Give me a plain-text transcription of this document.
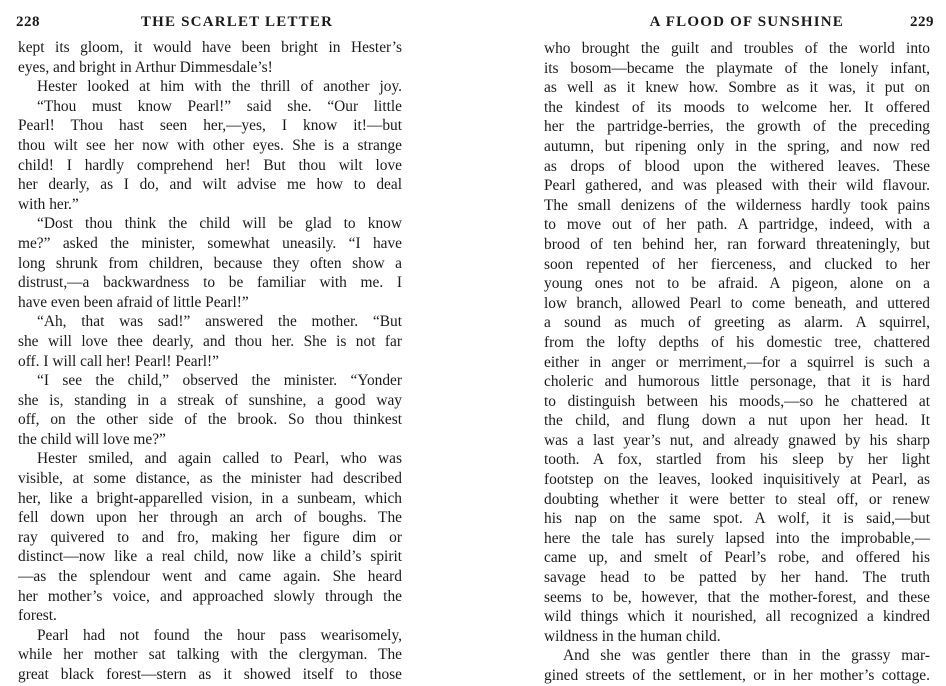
228	THE SCARLET LETTER
kept its gloom, it would have been bright in Hester’s
eyes, and bright in Arthur Dimmesdale’s!
Hester looked at him with the thrill of another joy.
“Thou must know Pearl!” said she. “Our little
Pearl! Thou hast seen her,—yes, I know it!—but
thou wilt see her now with other eyes. She is a strange
child! I hardly comprehend her! But thou wilt love
her dearly, as I do, and wilt advise me how to deal
with her.”
“Dost thou think the child will be glad to know
me?” asked the minister, somewhat uneasily. “I have
long shrunk from children, because they often show a
distrust,—a backwardness to be familiar with me. I
have even been afraid of little Pearl!”
“Ah, that was sad!” answered the mother. “But
she will love thee dearly, and thou her. She is not far
off. I will call her! Pearl! Pearl!”
“I see the child,” observed the minister. “Yonder
she is, standing in a streak of sunshine, a good way
off, on the other side of the brook. So thou thinkest
the child will love me?”
Hester smiled, and again called to Pearl, who was
visible, at some distance, as the minister had described
her, like a bright-apparelled vision, in a sunbeam, which
fell down upon her through an arch of boughs. The
ray quivered to and fro, making her figure dim or
distinct—now like a real child, now like a child’s spirit
—as the splendour went and came again. She heard
her mother’s voice, and approached slowly through the
forest.
Pearl had not found the hour pass wearisomely,
while her mother sat talking with the clergyman. The
great black forest—stern as it showed itself to those
A FLOOD OF SUNSHINE	229
who brought the guilt and troubles of the world into
its bosom—became the playmate of the lonely infant,
as well as it knew how. Sombre as it was, it put on
the kindest of its moods to welcome her. It offered
her the partridge-berries, the growth of the preceding
autumn, but ripening only in the spring, and now red
as drops of blood upon the withered leaves. These
Pearl gathered, and was pleased with their wild flavour.
The small denizens of the wilderness hardly took pains
to move out of her path. A partridge, indeed, with a
brood of ten behind her, ran forward threateningly, but
soon repented of her fierceness, and clucked to her
young ones not to be afraid. A pigeon, alone on a
low branch, allowed Pearl to come beneath, and uttered
a sound as much of greeting as alarm. A squirrel,
from the lofty depths of his domestic tree, chattered
either in anger or merriment,—for a squirrel is such a
choleric and humorous little personage, that it is hard
to distinguish between his moods,—so he chattered at
the child, and flung down a nut upon her head. It
was a last year’s nut, and already gnawed by his sharp
tooth. A fox, startled from his sleep by her light
footstep on the leaves, looked inquisitively at Pearl, as
doubting whether it were better to steal off, or renew
his nap on the same spot. A wolf, it is said,—but
here the tale has surely lapsed into the improbable,—
came up, and smelt of Pearl’s robe, and offered his
savage head to be patted by her hand. The truth
seems to be, however, that the mother-forest, and these
wild things which it nourished, all recognized a kindred
wildness in the human child.
And she was gentler there than in the grassy mar-
gined streets of the settlement, or in her mother’s cottage.
